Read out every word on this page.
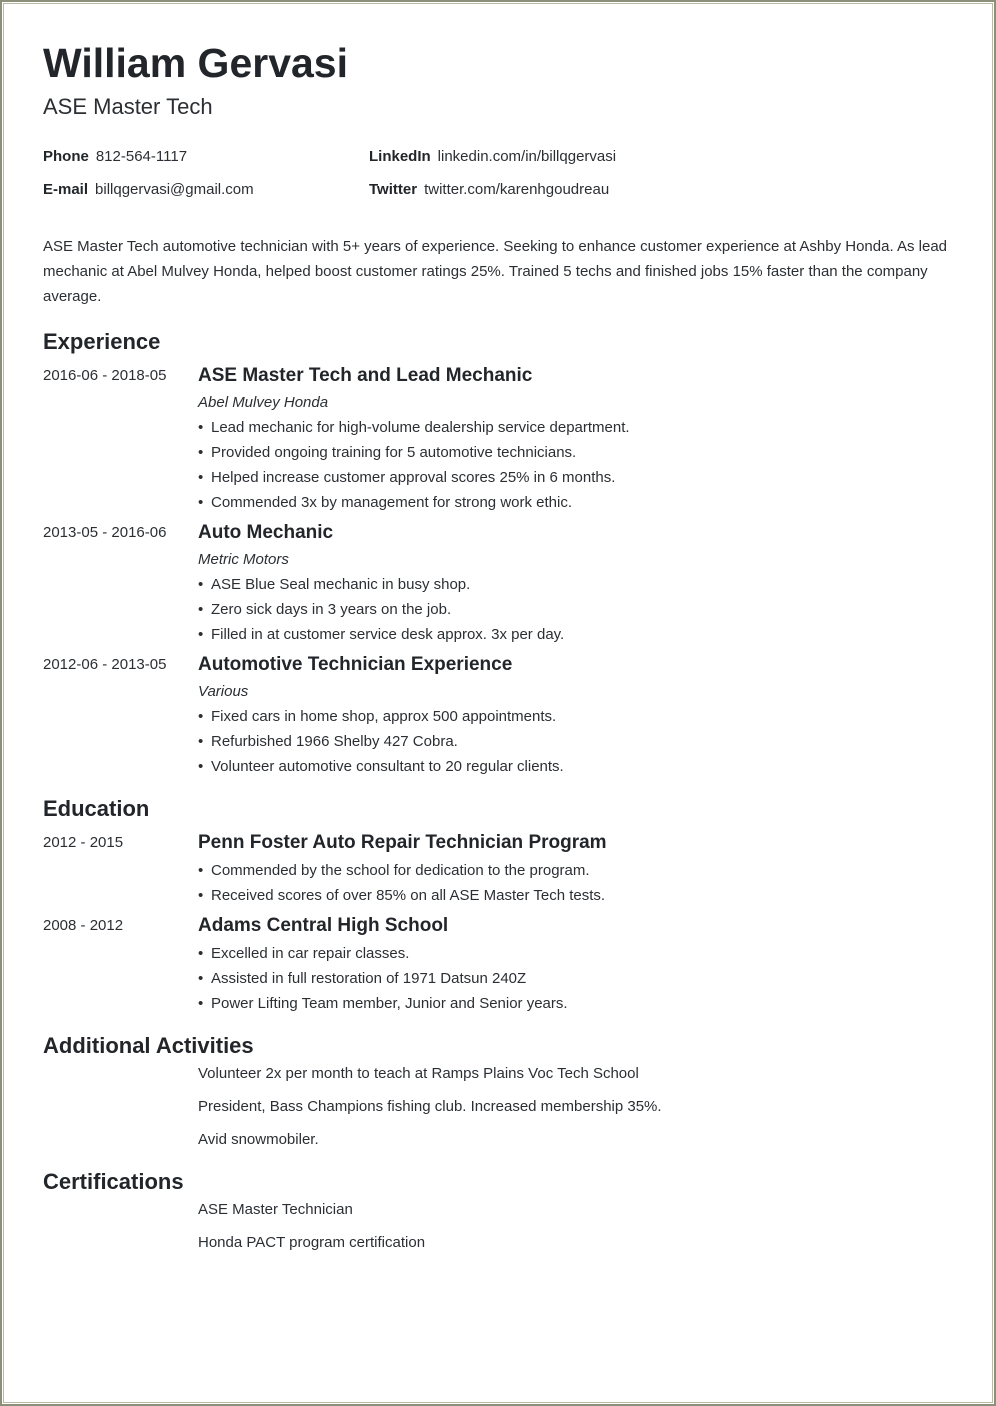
William Gervasi
ASE Master Tech
Phone 812-564-1117
E-mail billqgervasi@gmail.com
LinkedIn linkedin.com/in/billqgervasi
Twitter twitter.com/karenhgoudreau
ASE Master Tech automotive technician with 5+ years of experience. Seeking to enhance customer experience at Ashby Honda. As lead mechanic at Abel Mulvey Honda, helped boost customer ratings 25%. Trained 5 techs and finished jobs 15% faster than the company average.
Experience
2016-06 - 2018-05 ASE Master Tech and Lead Mechanic
Abel Mulvey Honda
• Lead mechanic for high-volume dealership service department.
• Provided ongoing training for 5 automotive technicians.
• Helped increase customer approval scores 25% in 6 months.
• Commended 3x by management for strong work ethic.
2013-05 - 2016-06 Auto Mechanic
Metric Motors
• ASE Blue Seal mechanic in busy shop.
• Zero sick days in 3 years on the job.
• Filled in at customer service desk approx. 3x per day.
2012-06 - 2013-05 Automotive Technician Experience
Various
• Fixed cars in home shop, approx 500 appointments.
• Refurbished 1966 Shelby 427 Cobra.
• Volunteer automotive consultant to 20 regular clients.
Education
2012 - 2015	Penn Foster Auto Repair Technician Program
• Commended by the school for dedication to the program.
• Received scores of over 85% on all ASE Master Tech tests.
2008 - 2012	Adams Central High School
• Excelled in car repair classes.
• Assisted in full restoration of 1971 Datsun 240Z
• Power Lifting Team member, Junior and Senior years.
Additional Activities
Volunteer 2x per month to teach at Ramps Plains Voc Tech School
President, Bass Champions fishing club. Increased membership 35%.
Avid snowmobiler.
Certifications
ASE Master Technician
Honda PACT program certification
